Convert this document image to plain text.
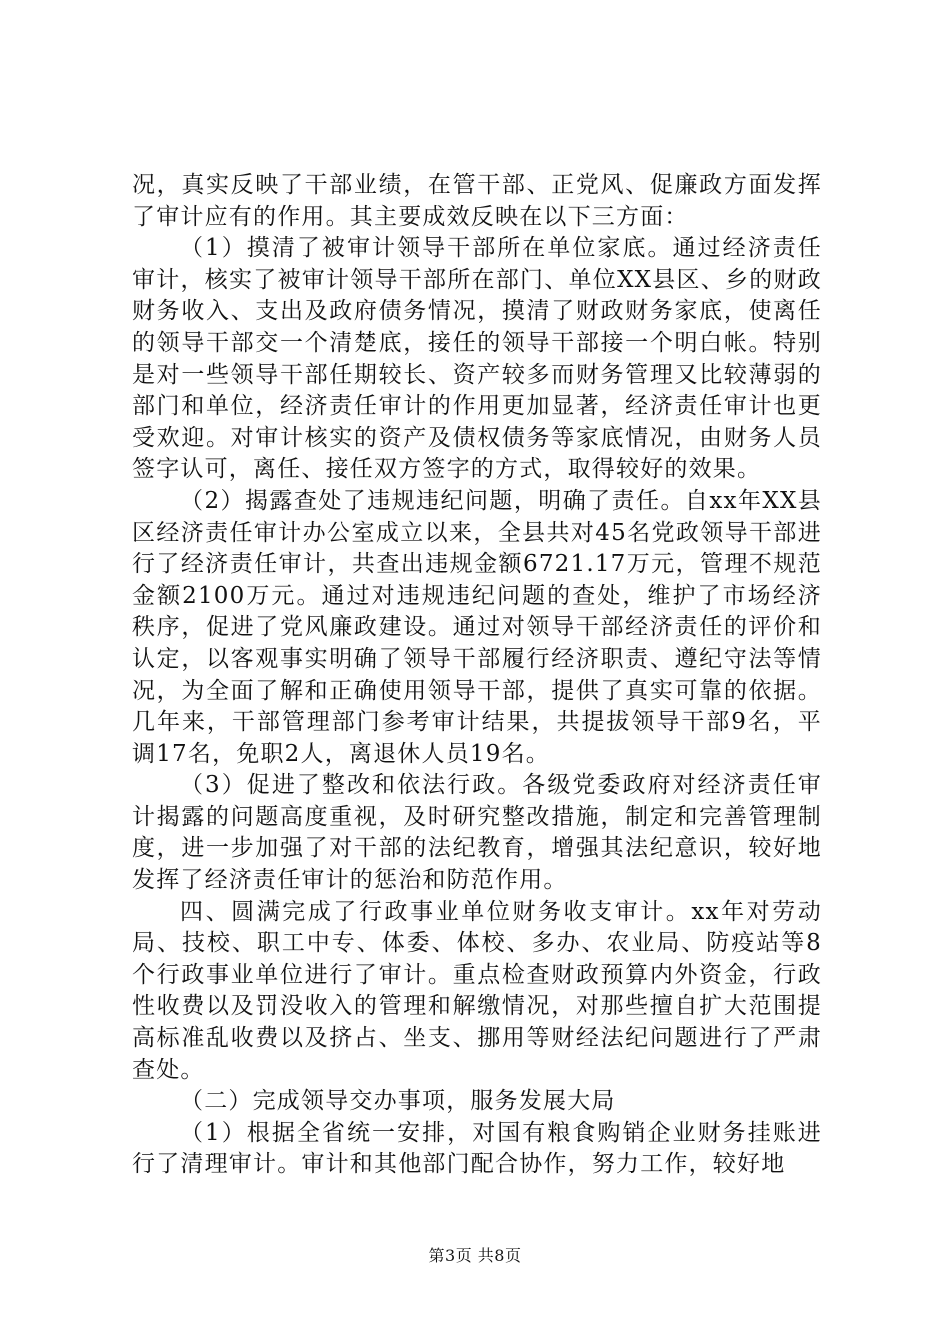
况，真实反映了干部业绩，在管干部、正党风、促廉政方面发挥了审计应有的作用。其主要成效反映在以下三方面：

（1）摸清了被审计领导干部所在单位家底。通过经济责任审计，核实了被审计领导干部所在部门、单位XX县区、乡的财政财务收入、支出及政府债务情况，摸清了财政财务家底，使离任的领导干部交一个清楚底，接任的领导干部接一个明白帐。特别是对一些领导干部任期较长、资产较多而财务管理又比较薄弱的部门和单位，经济责任审计的作用更加显著，经济责任审计也更受欢迎。对审计核实的资产及债权债务等家底情况，由财务人员签字认可，离任、接任双方签字的方式，取得较好的效果。

（2）揭露查处了违规违纪问题，明确了责任。自xx年XX县区经济责任审计办公室成立以来，全县共对45名党政领导干部进行了经济责任审计，共查出违规金额6721.17万元，管理不规范金额2100万元。通过对违规违纪问题的查处，维护了市场经济秩序，促进了党风廉政建设。通过对领导干部经济责任的评价和认定，以客观事实明确了领导干部履行经济职责、遵纪守法等情况，为全面了解和正确使用领导干部，提供了真实可靠的依据。几年来，干部管理部门参考审计结果，共提拔领导干部9名，平调17名，免职2人，离退休人员19名。

（3）促进了整改和依法行政。各级党委政府对经济责任审计揭露的问题高度重视，及时研究整改措施，制定和完善管理制度，进一步加强了对干部的法纪教育，增强其法纪意识，较好地发挥了经济责任审计的惩治和防范作用。

四、圆满完成了行政事业单位财务收支审计。xx年对劳动局、技校、职工中专、体委、体校、多办、农业局、防疫站等8个行政事业单位进行了审计。重点检查财政预算内外资金，行政性收费以及罚没收入的管理和解缴情况，对那些擅自扩大范围提高标准乱收费以及挤占、坐支、挪用等财经法纪问题进行了严肃查处。

（二）完成领导交办事项，服务发展大局

（1）根据全省统一安排，对国有粮食购销企业财务挂账进行了清理审计。审计和其他部门配合协作，努力工作，较好地

第3页 共8页
